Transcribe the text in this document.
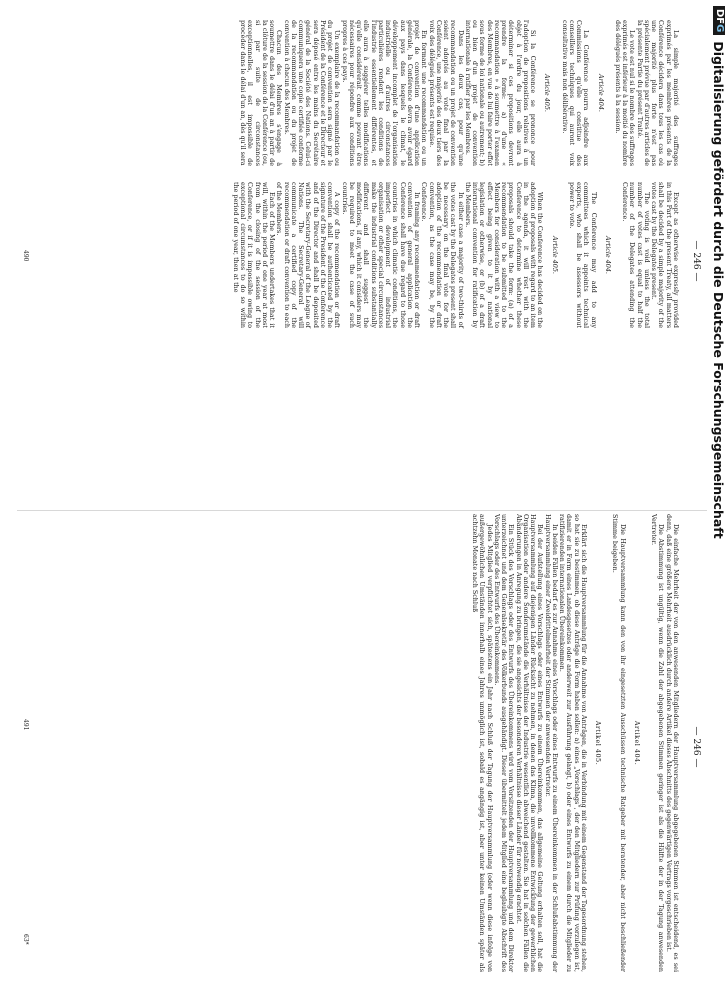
DFG
Digitalisierung gefördert durch die Deutsche Forschungsgemeinschaft
— 246 —

La simple majorité des suffrages exprimés par les membres présents de la Conférence décidera dans tous les cas où une majorité plus forte n'est pas spécialement prévue par d'autres articles de la présente Partie du présent Traité.

Le vote est nul si le nombre des suffrages exprimés est inférieur à la moitié du nombre des délégués présents à la session.

Article 404.

La Conférence pourra adjoindre aux Commissions qu'elle constitue des conseillers techniques qui auront voix consultative mais non délibérative.

Article 405.

Si la Conférence se prononce pour l'adoption de propositions relatives à un objet à l'ordre du jour, elle aura à déterminer si ces propositions devront prendre la forme: a) d'une « recommandation » à soumettre à l'examen des Membres, en vue de lui faire porter effet sous forme de loi nationale ou autrement; b) ou bien d'un projet de convention internationale à ratifier par les Membres.

Dans les deux cas, pour qu'une recommandation ou un projet de convention soient adoptés au vote final par la Conférence, une majorité des deux tiers des voix des délégués présents est requise.

En formant une recommandation ou un projet de convention d'une application générale, la Conférence devra avoir égard aux pays dans lesquels le climat, le développement incomplet de l'organisation industrielle ou d'autres circonstances particulières rendent les conditions de l'industrie essentiellement différentes, et elle aura à suggérer telles modifications qu'elle considérerait comme pouvant être nécessaires pour répondre aux conditions propres à ces pays.

Un exemplaire de la recommandation ou du projet de convention sera signé par le Président de la Conférence et le Directeur et sera déposé entre les mains du Secrétaire général de la Société des Nations. Celui-ci communiquera une copie certifiée conforme de la recommandation ou du projet de convention à chacun des Membres.

Chacun des Membres s'engage à soumettre dans le délai d'un an à partir de la clôture de la session de la Conférence (ou, si par suite de circonstances exceptionnelles, il est impossible de procéder dans le délai d'un an, dès qu'il sera

Except as otherwise expressly provided in this Part of the present Treaty, all matters shall be decided by a simple majority of the votes cast by the Delegates present.

The voting is void unless the total number of votes cast is equal to half the number of the Delegates attending the Conference.

Article 404.

The Conference may add to any committees which it appoints technical experts, who shall be assessors without power to vote.

Article 405.

When the Conference has decided on the adoption of proposals with regard to an item in the agenda, it will rest with the Conference to determine whether these proposals should take the form: (a) of a recommendation to be submitted to the Members for consideration with a view to effect being given to it by national legislation or otherwise, or (b) of a draft international convention for ratification by the Members.

In either case a majority of two-thirds of the votes cast by the Delegates present shall be necessary on the final vote for the adoption of the recommendation or draft convention, as the case may be, by the Conference.

In framing any recommendation or draft convention of general application the Conference shall have due regard to those countries in which climatic conditions, the imperfect development of industrial organisation or other special circumstances make the industrial conditions substantially different and shall suggest the modifications, if any, which it considers may be required to meet the case of such countries.

A copy of the recommendation or draft convention shall be authenticated by the signature of the President of the Conference and of the Director and shall be deposited with the Secretary-General of the League of Nations. The Secretary-General will communicate a certified copy of the recommendation or draft convention to each of the Members.

Each of the Members undertakes that it will, within the period of one year at most from the closing of the session of the Conference, or if it is impossible owing to exceptional circumstances to do so within the period of one year, then at the

490
— 246 —

Die einfache Mehrheit der von den anwesenden Mitgliedern der Hauptversammlung abgegebenen Stimmen ist entscheidend, es sei denn, daß eine größere Mehrheit ausdrücklich durch andere Artikel dieses Abschnitts des gegenwärtigen Vertrags vorgeschrieben ist.

Die Abstimmung ist ungültig, wenn die Zahl der abgegebenen Stimmen geringer ist als die Hälfte der in der Tagung anwesenden Vertreter.

Artikel 404.

Die Hauptversammlung kann den von ihr eingesetzten Ausschüssen technische Ratgeber mit beratender, aber nicht beschließender Stimme beigeben.

Artikel 405.

Erklärt sich die Hauptversammlung für die Annahme von Anträgen, die in Verbindung mit einem Gegenstand der Tagesordnung stehen, so hat sie zu bestimmen, ob diese Anträge die Form haben sollen: a) eines „Vorschlags“, der den Mitgliedern zur Prüfung vorzulegen ist, damit er in Form eines Landesgesetzes oder anderweit zur Ausführung gelangt, b) oder eines Entwurfs zu einem durch die Mitglieder zu ratifizierenden internationalen Übereinkommen.

In beiden Fällen bedarf es zur Annahme eines Vorschlags oder eines Entwurfs zu einem Übereinkommen in der Schlußabstimmung der Hauptversammlung einer Zweidrittelmehrheit der Stimmen der anwesenden Vertreter.

Bei der Aufstellung eines Vorschlags oder eines Entwurfs zu einem Übereinkommen, das allgemeine Geltung erhalten soll, hat die Hauptversammlung auf diejenigen Länder Rücksicht zu nehmen, in denen das Klima, die unvollkommene Entwicklung der gewerblichen Organisation oder andere Sonderumstände die Verhältnisse der Industrie wesentlich abweichend gestalten. Sie hat in solchen Fällen die Abänderungen in Anregung zu bringen, die sie angesichts der besonderen Verhältnisse dieser Länder für notwendig erachtet.

Ein Stück des Vorschlags oder des Entwurfs des Übereinkommens wird vom Vorsitzenden der Hauptversammlung und dem Direktor unterzeichnet und dem Generalsekretär des Völkerbunds ausgehändigt. Dieser übermittelt jedem Mitglied eine beglaubigte Abschrift des Vorschlags oder des Entwurfs des Übereinkommens.

Jedes Mitglied verpflichtet sich, spätestens ein Jahr nach Schluß der Tagung der Hauptversammlung (oder wenn diese infolge von außergewöhnlichen Umständen innerhalb eines Jahres unmöglich ist, sobald es angängig ist, aber unter keinen Umständen später als achtzehn Monate nach Schluß

491
63*
